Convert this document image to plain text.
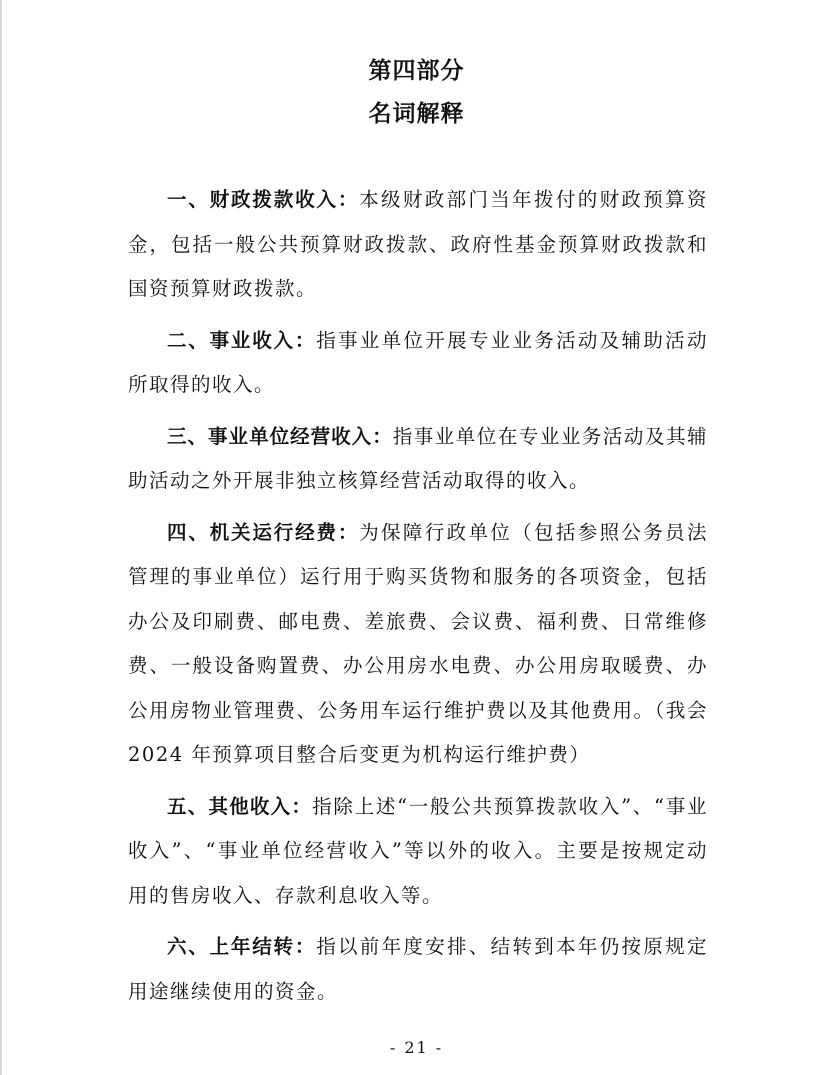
第四部分
名词解释

一、财政拨款收入：本级财政部门当年拨付的财政预算资金，包括一般公共预算财政拨款、政府性基金预算财政拨款和国资预算财政拨款。

二、事业收入：指事业单位开展专业业务活动及辅助活动所取得的收入。

三、事业单位经营收入：指事业单位在专业业务活动及其辅助活动之外开展非独立核算经营活动取得的收入。

四、机关运行经费：为保障行政单位（包括参照公务员法管理的事业单位）运行用于购买货物和服务的各项资金，包括办公及印刷费、邮电费、差旅费、会议费、福利费、日常维修费、一般设备购置费、办公用房水电费、办公用房取暖费、办公用房物业管理费、公务用车运行维护费以及其他费用。（我会 2024 年预算项目整合后变更为机构运行维护费）

五、其他收入：指除上述“一般公共预算拨款收入”、“事业收入”、“事业单位经营收入”等以外的收入。主要是按规定动用的售房收入、存款利息收入等。

六、上年结转：指以前年度安排、结转到本年仍按原规定用途继续使用的资金。

- 21 -
